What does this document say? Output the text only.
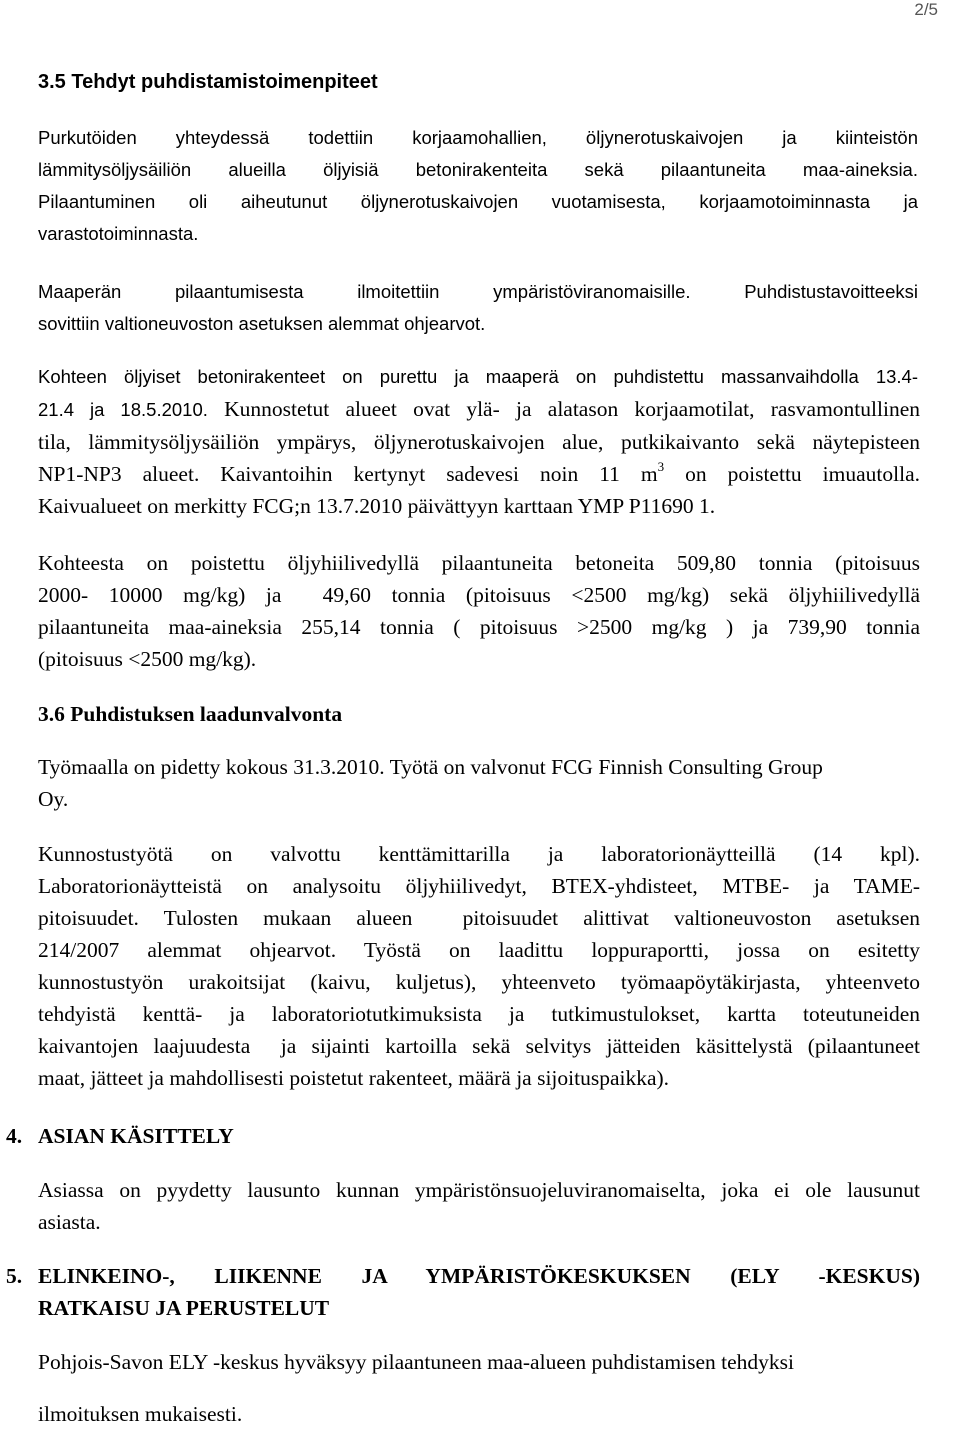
2/5
3.5 Tehdyt puhdistamistoimenpiteet
Purkutöiden yhteydessä todettiin korjaamohallien, öljynerotuskaivojen ja kiinteistön
lämmitysöljysäiliön alueilla öljyisiä betonirakenteita sekä pilaantuneita maa-aineksia.
Pilaantuminen oli aiheutunut öljynerotuskaivojen vuotamisesta, korjaamotoiminnasta ja
varastotoiminnasta.
Maaperän pilaantumisesta ilmoitettiin ympäristöviranomaisille. Puhdistustavoitteeksi
sovittiin valtioneuvoston asetuksen alemmat ohjearvot.
Kohteen öljyiset betonirakenteet on purettu ja maaperä on puhdistettu massanvaihdolla 13.4-
21.4 ja 18.5.2010. Kunnostetut alueet ovat ylä- ja alatason korjaamotilat, rasvamontullinen
tila, lämmitysöljysäiliön ympärys, öljynerotuskaivojen alue, putkikaivanto sekä näytepisteen
NP1-NP3 alueet. Kaivantoihin kertynyt sadevesi noin 11 $m^3$ on poistettu imuautolla.
Kaivualueet on merkitty FCG;n 13.7.2010 päivättyyn karttaan YMP P11690 1.
Kohteesta on poistettu öljyhiilivedyllä pilaantuneita betoneita 509,80 tonnia (pitoisuus
2000- 10000 mg/kg) ja  49,60 tonnia (pitoisuus <2500 mg/kg) sekä öljyhiilivedyllä
pilaantuneita maa-aineksia 255,14 tonnia ( pitoisuus >2500 mg/kg ) ja 739,90 tonnia
(pitoisuus <2500 mg/kg).
3.6 Puhdistuksen laadunvalvonta
Työmaalla on pidetty kokous 31.3.2010. Työtä on valvonut FCG Finnish Consulting Group
Oy.
Kunnostustyötä on valvottu kenttämittarilla ja laboratorionäytteillä (14 kpl).
Laboratorionäytteistä on analysoitu öljyhiilivedyt, BTEX-yhdisteet, MTBE- ja TAME-
pitoisuudet. Tulosten mukaan alueen  pitoisuudet alittivat valtioneuvoston asetuksen
214/2007 alemmat ohjearvot. Työstä on laadittu loppuraportti, jossa on esitetty
kunnostustyön urakoitsijat (kaivu, kuljetus), yhteenveto työmaapöytäkirjasta, yhteenveto
tehdyistä kenttä- ja laboratoriotutkimuksista ja tutkimustulokset, kartta toteutuneiden
kaivantojen laajuudesta  ja sijainti kartoilla sekä selvitys jätteiden käsittelystä (pilaantuneet
maat, jätteet ja mahdollisesti poistetut rakenteet, määrä ja sijoituspaikka).
4. ASIAN KÄSITTELY
Asiassa on pyydetty lausunto kunnan ympäristönsuojeluviranomaiselta, joka ei ole lausunut
asiasta.
5. ELINKEINO-, LIIKENNE JA YMPÄRISTÖKESKUKSEN (ELY -KESKUS)
RATKAISU JA PERUSTELUT
Pohjois-Savon ELY -keskus hyväksyy pilaantuneen maa-alueen puhdistamisen tehdyksi
ilmoituksen mukaisesti.
